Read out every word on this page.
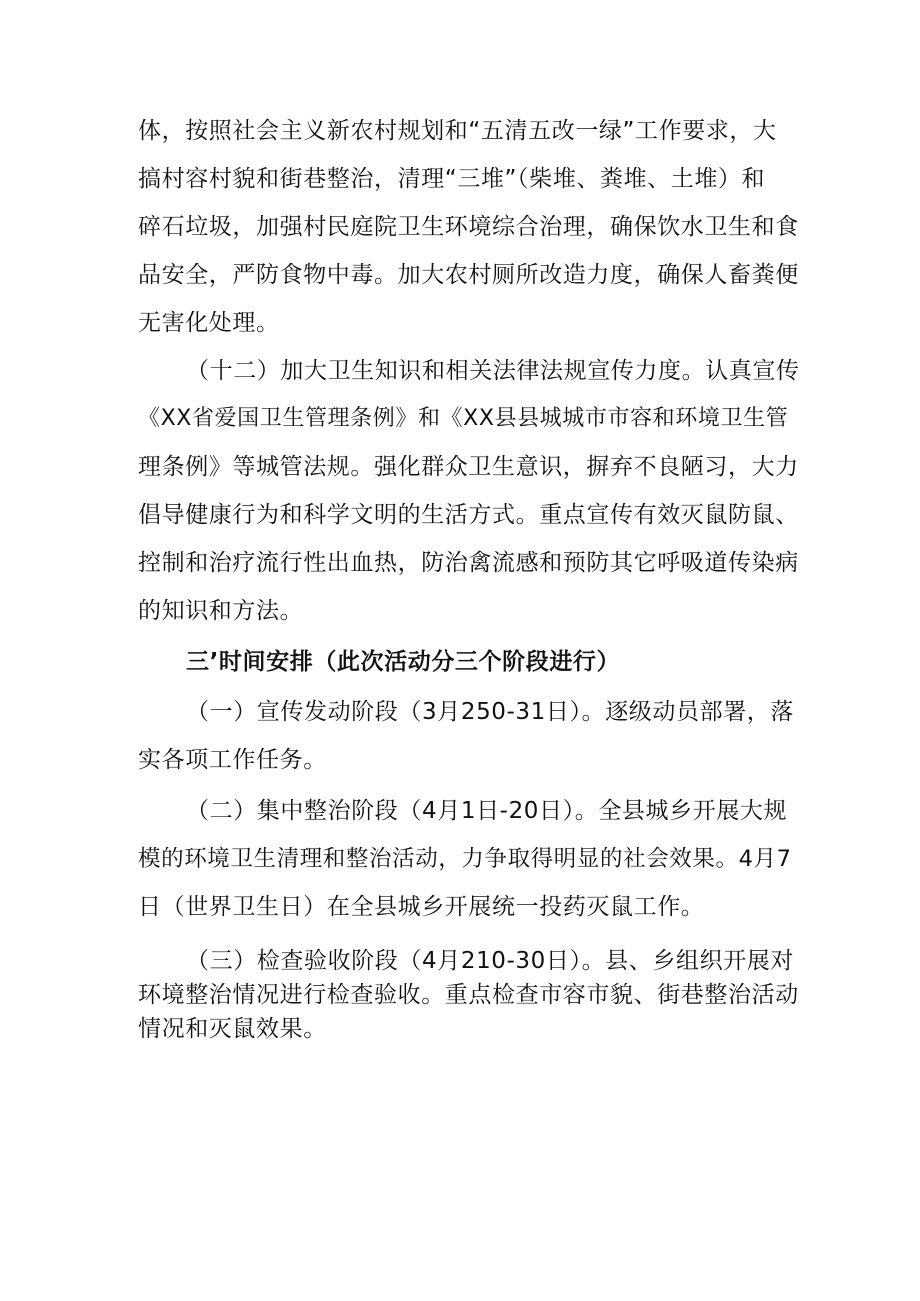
体，按照社会主义新农村规划和“五清五改一绿”工作要求，大
搞村容村貌和街巷整治，清理“三堆”（柴堆、粪堆、土堆）和
碎石垃圾，加强村民庭院卫生环境综合治理，确保饮水卫生和食
品安全，严防食物中毒。加大农村厕所改造力度，确保人畜粪便
无害化处理。
（十二）加大卫生知识和相关法律法规宣传力度。认真宣传
《XX省爱国卫生管理条例》和《XX县县城城市市容和环境卫生管
理条例》等城管法规。强化群众卫生意识，摒弃不良陋习，大力
倡导健康行为和科学文明的生活方式。重点宣传有效灭鼠防鼠、
控制和治疗流行性出血热，防治禽流感和预防其它呼吸道传染病
的知识和方法。
三’时间安排（此次活动分三个阶段进行）
（一）宣传发动阶段（3月250-31日）。逐级动员部署，落
实各项工作任务。
（二）集中整治阶段（4月1日-20日）。全县城乡开展大规
模的环境卫生清理和整治活动，力争取得明显的社会效果。4月7
日（世界卫生日）在全县城乡开展统一投药灭鼠工作。
（三）检查验收阶段（4月210-30日）。县、乡组织开展对
环境整治情况进行检查验收。重点检查市容市貌、街巷整治活动
情况和灭鼠效果。
